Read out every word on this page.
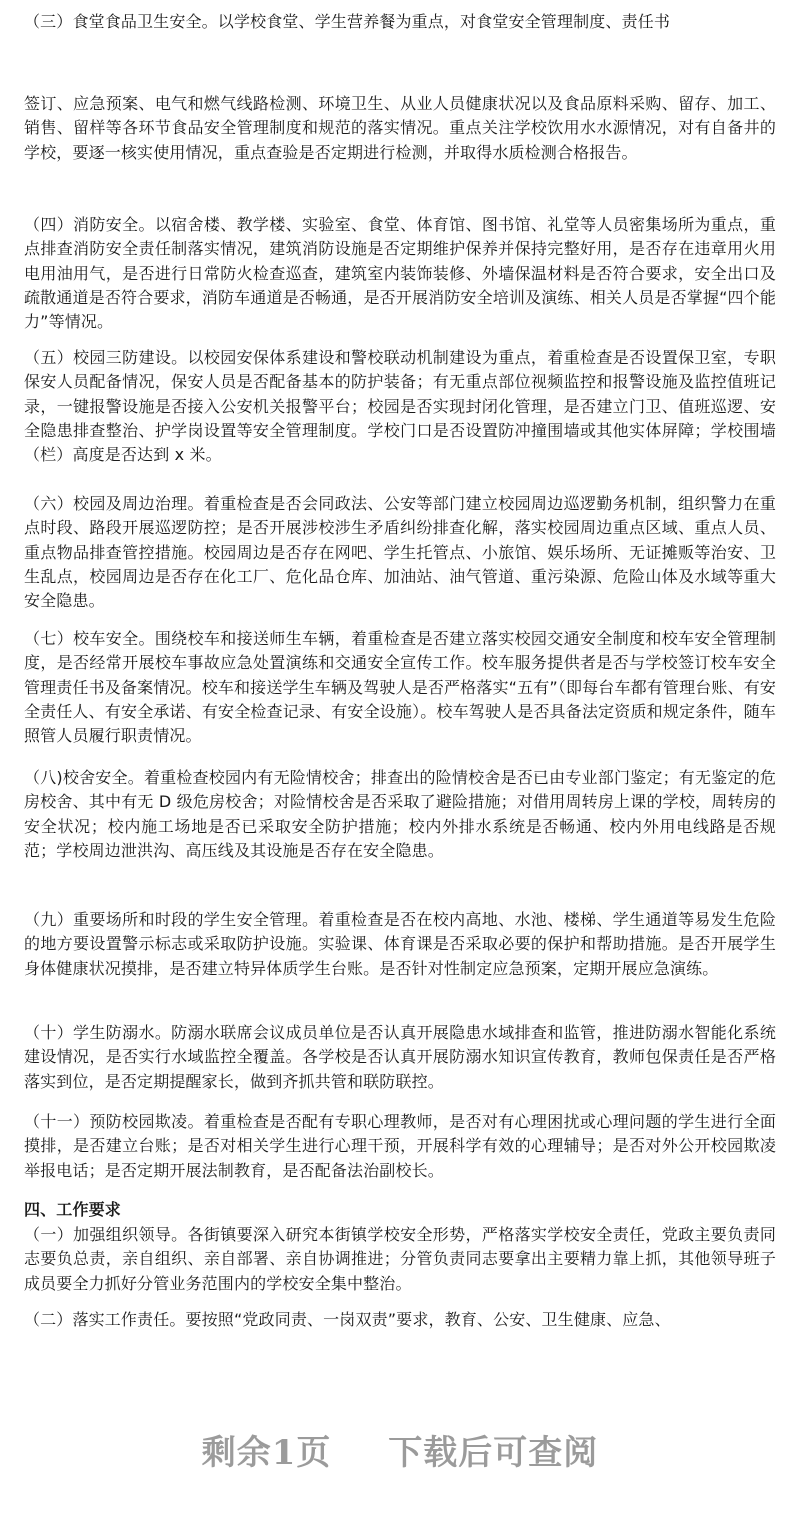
（三）食堂食品卫生安全。以学校食堂、学生营养餐为重点，对食堂安全管理制度、责任书

签订、应急预案、电气和燃气线路检测、环境卫生、从业人员健康状况以及食品原料采购、留存、加工、销售、留样等各环节食品安全管理制度和规范的落实情况。重点关注学校饮用水水源情况，对有自备井的学校，要逐一核实使用情况，重点查验是否定期进行检测，并取得水质检测合格报告。

（四）消防安全。以宿舍楼、教学楼、实验室、食堂、体育馆、图书馆、礼堂等人员密集场所为重点，重点排查消防安全责任制落实情况，建筑消防设施是否定期维护保养并保持完整好用，是否存在违章用火用电用油用气，是否进行日常防火检查巡查，建筑室内装饰装修、外墙保温材料是否符合要求，安全出口及疏散通道是否符合要求，消防车通道是否畅通，是否开展消防安全培训及演练、相关人员是否掌握“四个能力”等情况。

（五）校园三防建设。以校园安保体系建设和警校联动机制建设为重点，着重检查是否设置保卫室，专职保安人员配备情况，保安人员是否配备基本的防护装备；有无重点部位视频监控和报警设施及监控值班记录，一键报警设施是否接入公安机关报警平台；校园是否实现封闭化管理，是否建立门卫、值班巡逻、安全隐患排查整治、护学岗设置等安全管理制度。学校门口是否设置防冲撞围墙或其他实体屏障；学校围墙（栏）高度是否达到 x 米。

（六）校园及周边治理。着重检查是否会同政法、公安等部门建立校园周边巡逻勤务机制，组织警力在重点时段、路段开展巡逻防控；是否开展涉校涉生矛盾纠纷排查化解，落实校园周边重点区域、重点人员、重点物品排查管控措施。校园周边是否存在网吧、学生托管点、小旅馆、娱乐场所、无证摊贩等治安、卫生乱点，校园周边是否存在化工厂、危化品仓库、加油站、油气管道、重污染源、危险山体及水域等重大安全隐患。

（七）校车安全。围绕校车和接送师生车辆，着重检查是否建立落实校园交通安全制度和校车安全管理制度，是否经常开展校车事故应急处置演练和交通安全宣传工作。校车服务提供者是否与学校签订校车安全管理责任书及备案情况。校车和接送学生车辆及驾驶人是否严格落实“五有”（即每台车都有管理台账、有安全责任人、有安全承诺、有安全检查记录、有安全设施）。校车驾驶人是否具备法定资质和规定条件，随车照管人员履行职责情况。

（八)校舍安全。着重检查校园内有无险情校舍；排查出的险情校舍是否已由专业部门鉴定；有无鉴定的危房校舍、其中有无 D 级危房校舍；对险情校舍是否采取了避险措施；对借用周转房上课的学校，周转房的安全状况；校内施工场地是否已采取安全防护措施；校内外排水系统是否畅通、校内外用电线路是否规范；学校周边泄洪沟、高压线及其设施是否存在安全隐患。

（九）重要场所和时段的学生安全管理。着重检查是否在校内高地、水池、楼梯、学生通道等易发生危险的地方要设置警示标志或采取防护设施。实验课、体育课是否采取必要的保护和帮助措施。是否开展学生身体健康状况摸排，是否建立特异体质学生台账。是否针对性制定应急预案，定期开展应急演练。

（十）学生防溺水。防溺水联席会议成员单位是否认真开展隐患水域排查和监管，推进防溺水智能化系统建设情况，是否实行水域监控全覆盖。各学校是否认真开展防溺水知识宣传教育，教师包保责任是否严格落实到位，是否定期提醒家长，做到齐抓共管和联防联控。

（十一）预防校园欺凌。着重检查是否配有专职心理教师，是否对有心理困扰或心理问题的学生进行全面摸排，是否建立台账；是否对相关学生进行心理干预，开展科学有效的心理辅导；是否对外公开校园欺凌举报电话；是否定期开展法制教育，是否配备法治副校长。

四、工作要求

（一）加强组织领导。各街镇要深入研究本街镇学校安全形势，严格落实学校安全责任，党政主要负责同志要负总责，亲自组织、亲自部署、亲自协调推进；分管负责同志要拿出主要精力靠上抓，其他领导班子成员要全力抓好分管业务范围内的学校安全集中整治。

（二）落实工作责任。要按照“党政同责、一岗双责”要求，教育、公安、卫生健康、应急、

剩余1页 下载后可查阅
